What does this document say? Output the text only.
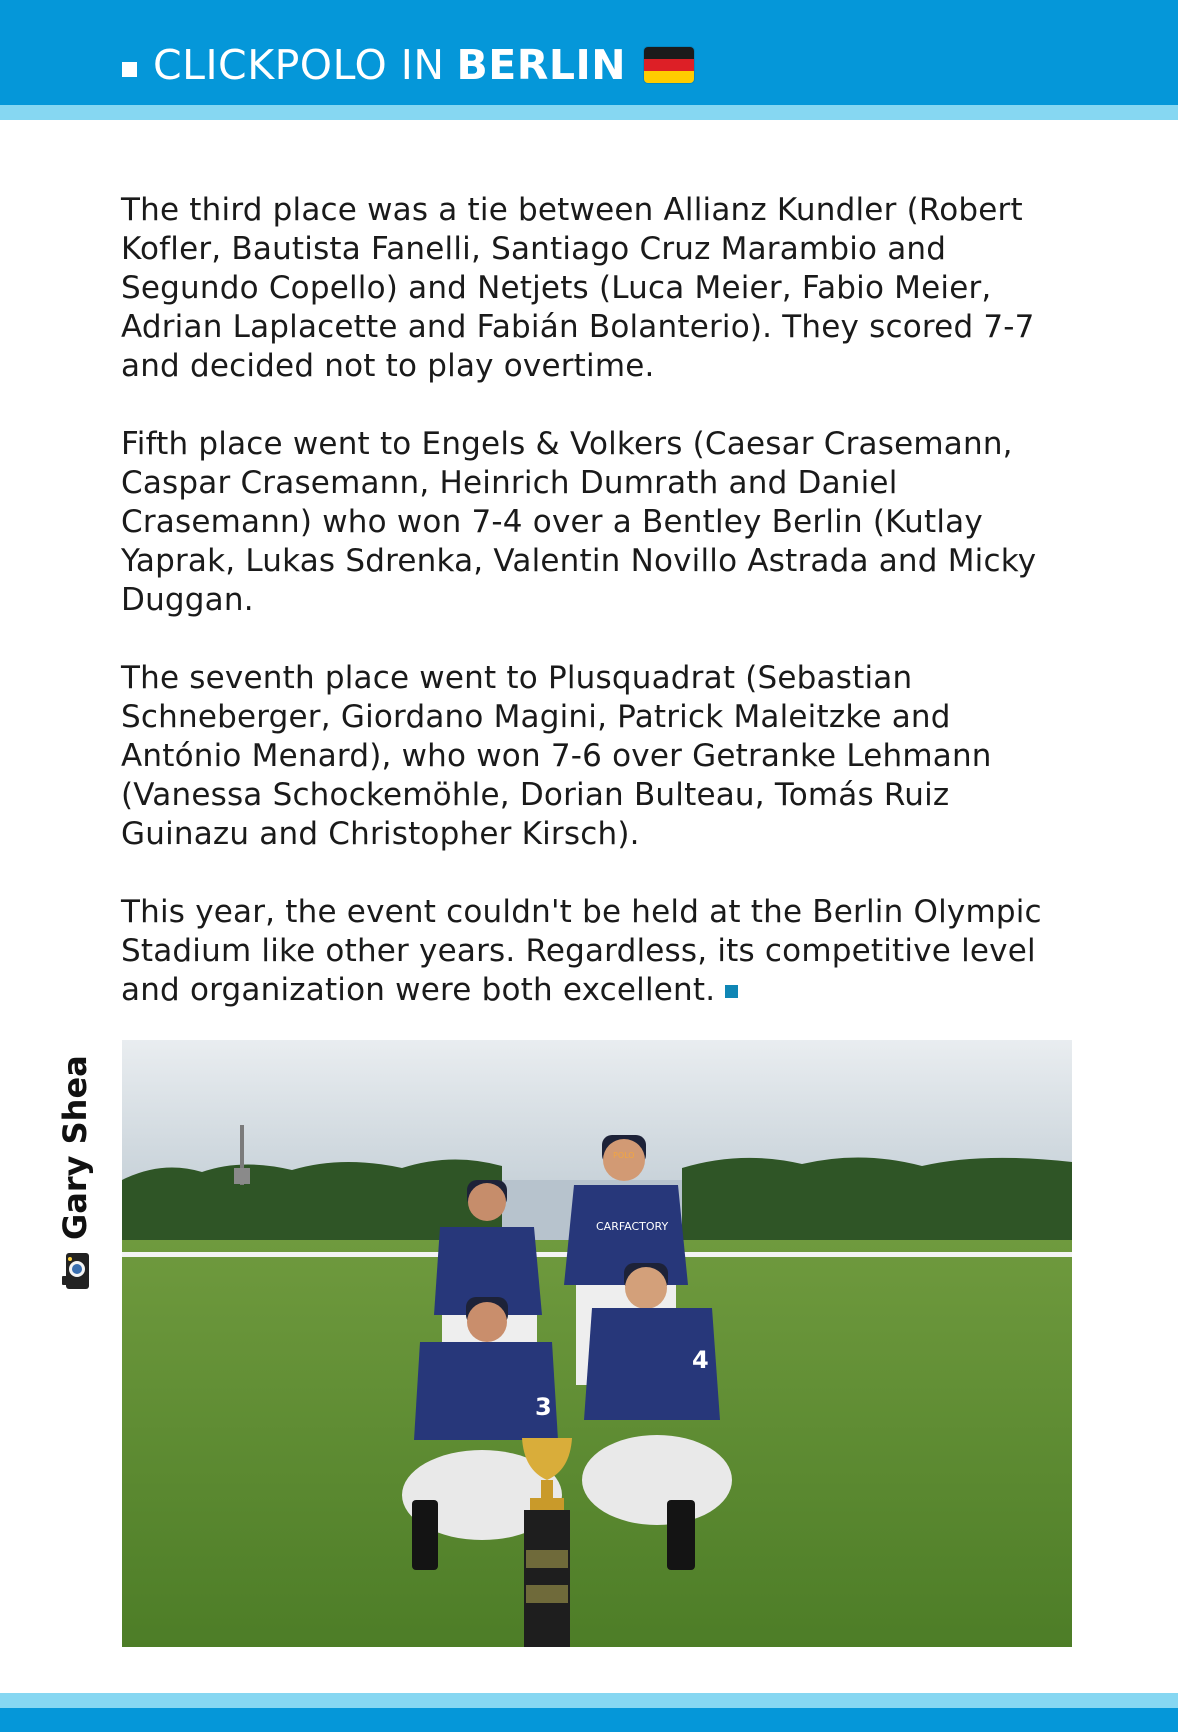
CLICKPOLO IN BERLIN

The third place was a tie between Allianz Kundler (Robert Kofler, Bautista Fanelli, Santiago Cruz Marambio and Segundo Copello) and Netjets (Luca Meier, Fabio Meier, Adrian Laplacette and Fabián Bolanterio). They scored 7-7 and decided not to play overtime.

Fifth place went to Engels & Volkers (Caesar Crasemann, Caspar Crasemann, Heinrich Dumrath and Daniel Crasemann) who won 7-4 over a Bentley Berlin (Kutlay Yaprak, Lukas Sdrenka, Valentin Novillo Astrada and Micky Duggan.

The seventh place went to Plusquadrat (Sebastian Schneberger, Giordano Magini, Patrick Maleitzke and António Menard), who won 7-6 over Getranke Lehmann (Vanessa Schockemöhle, Dorian Bulteau, Tomás Ruiz Guinazu and Christopher Kirsch).

This year, the event couldn't be held at the Berlin Olympic Stadium like other years. Regardless, its competitive level and organization were both excellent.

Gary Shea	CARFACTORY
POLO
3
4
